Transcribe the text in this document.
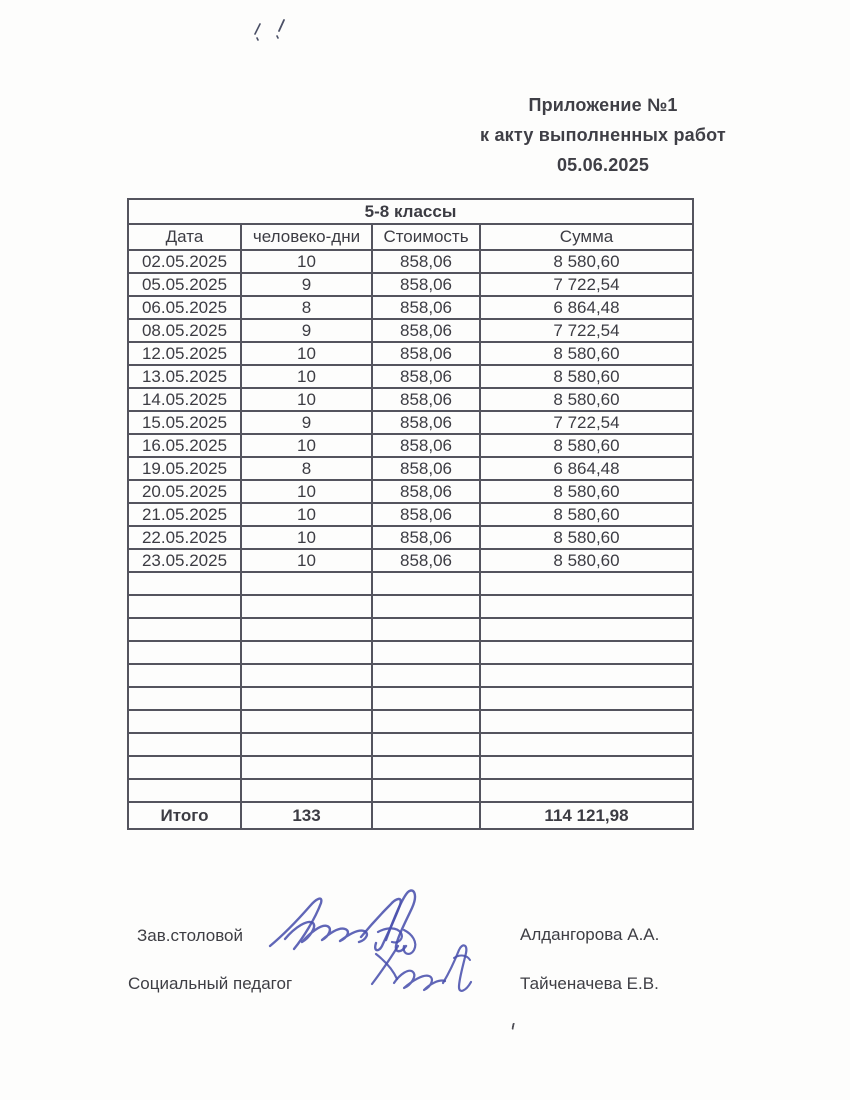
Приложение №1
к акту выполненных работ
05.06.2025
5-8 классы			
Дата	человеко-дни	Стоимость	Сумма
02.05.2025	10	858,06	8 580,60
05.05.2025	9	858,06	7 722,54
06.05.2025	8	858,06	6 864,48
08.05.2025	9	858,06	7 722,54
12.05.2025	10	858,06	8 580,60
13.05.2025	10	858,06	8 580,60
14.05.2025	10	858,06	8 580,60
15.05.2025	9	858,06	7 722,54
16.05.2025	10	858,06	8 580,60
19.05.2025	8	858,06	6 864,48
20.05.2025	10	858,06	8 580,60
21.05.2025	10	858,06	8 580,60
22.05.2025	10	858,06	8 580,60
23.05.2025	10	858,06	8 580,60

Итого	133		114 121,98
Зав.столовой	Алдангорова А.А.
Социальный педагог	Тайченачева Е.В.
